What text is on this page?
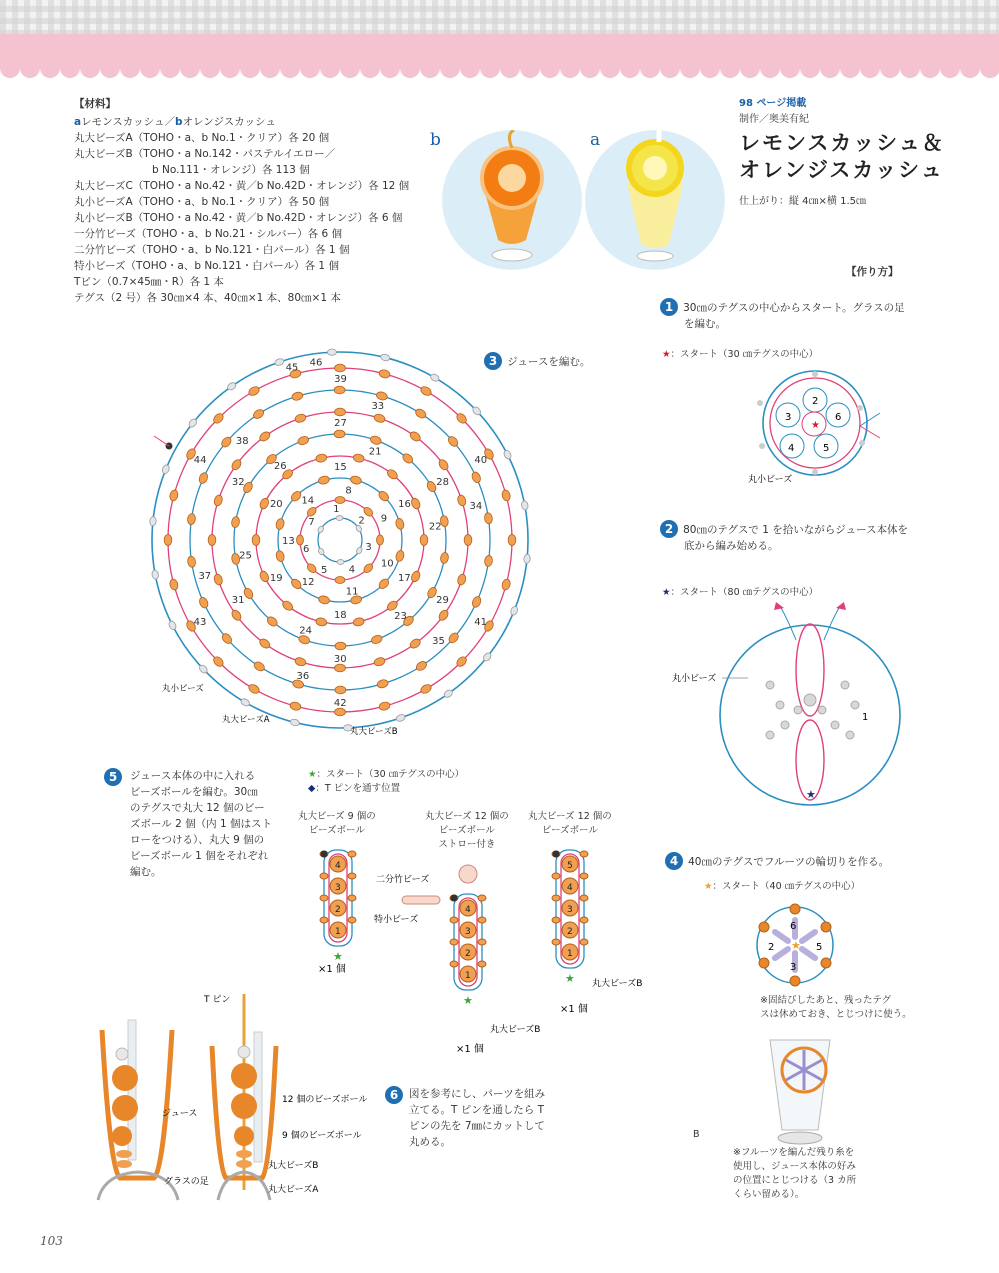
【材料】
aレモンスカッシュ／bオレンジスカッシュ
丸大ビーズA（TOHO・a、b No.1・クリア）各 20 個
丸大ビーズB（TOHO・a No.142・パステルイエロー／
b No.111・オレンジ）各 113 個
丸大ビーズC（TOHO・a No.42・黄／b No.42D・オレンジ）各 12 個
丸小ビーズA（TOHO・a、b No.1・クリア）各 50 個
丸小ビーズB（TOHO・a No.42・黄／b No.42D・オレンジ）各 6 個
一分竹ビーズ（TOHO・a、b No.21・シルバー）各 6 個
二分竹ビーズ（TOHO・a、b No.121・白パール）各 1 個
特小ビーズ（TOHO・a、b No.121・白パール）各 1 個
Tピン（0.7×45㎜・R）各 1 本
テグス（2 号）各 30㎝×4 本、40㎝×1 本、80㎝×1 本
b	a
98 ページ掲載
制作／奥美有紀
レモンスカッシュ＆
オレンジスカッシュ
仕上がり：縦 4㎝×横 1.5㎝
【作り方】
1 30㎝のテグスの中心からスタート。グラスの足
を編む。
★：スタート（30 ㎝テグスの中心）
2
3	6
4	5
★
丸小ビーズ
2 80㎝のテグスで 1 を拾いながらジュース本体を
底から編み始める。
★：スタート（80 ㎝テグスの中心）
1
★
丸小ビーズ
3 ジュースを編む。
1
2
3
4
5
6
7
8
9
10
11
12
13
14
15
16
17
18
19
20
21
22
23
24
25
26
27
28
29
30
31
32
33
34
35
36
37
38
39
40
41
42
43
44
45 46
丸小ビーズ
丸大ビーズA
丸大ビーズB
4 40㎝のテグスでフルーツの輪切りを作る。
★：スタート（40 ㎝テグスの中心）
★
2	5
6
3
※固結びしたあと、残ったテグ
スは休めておき、とじつけに使う。
B
※フルーツを編んだ残り糸を
使用し、ジュース本体の好み
の位置にとじつける（3 カ所
くらい留める）。
5	ジュース本体の中に入れる
ビーズボールを編む。30㎝
のテグスで丸大 12 個のビー
ズボール 2 個（内 1 個はスト
ローをつける）、丸大 9 個の
ビーズボール 1 個をそれぞれ
編む。
★：スタート（30 ㎝テグスの中心）
◆：T ピンを通す位置
丸大ビーズ 9 個の
ビーズボール
丸大ビーズ 12 個の
ビーズボール
ストロー付き
丸大ビーズ 12 個の
ビーズボール
4
3
2
1
★
4
3
2
1
★
5
4
3
2
1
★
×1 個
×1 個
×1 個
二分竹ビーズ
特小ビーズ
丸大ビーズB
丸大ビーズB
6	図を参考にし、パーツを組み
立てる。T ピンを通したら T
ピンの先を 7㎜にカットして
丸める。
T ピン
ジュース
12 個のビーズボール
9 個のビーズボール
丸大ビーズB
丸大ビーズA
グラスの足
103
